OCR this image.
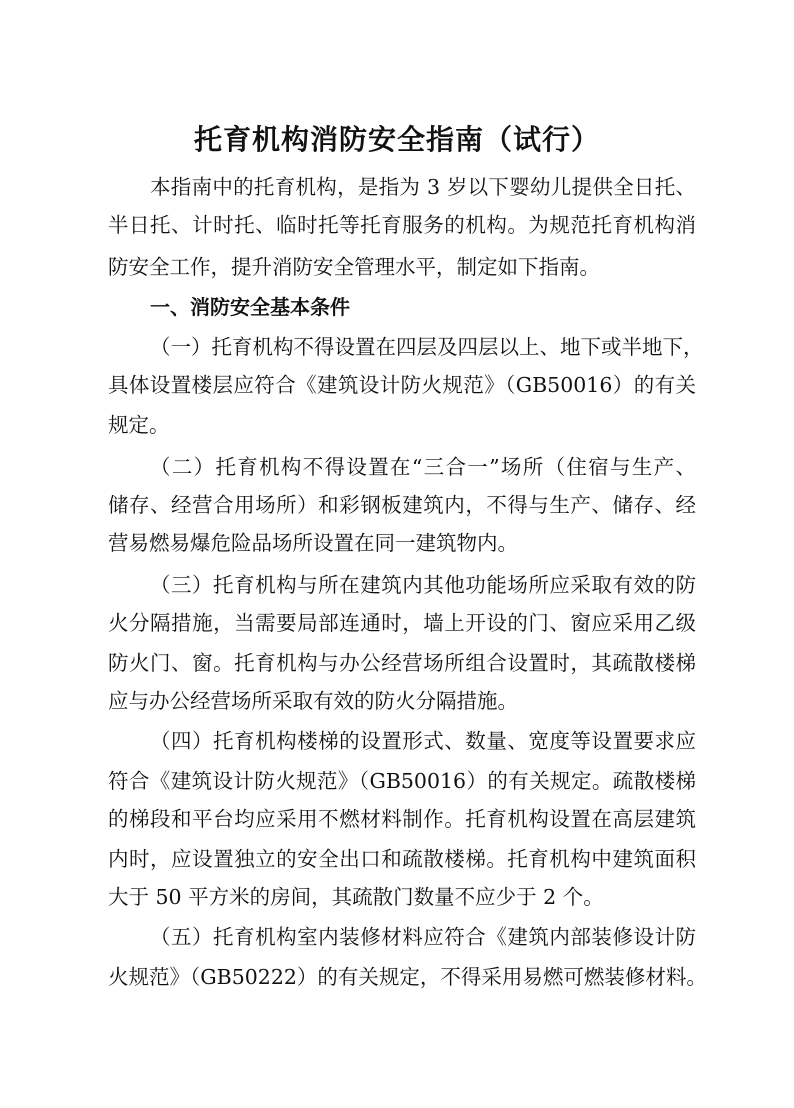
托育机构消防安全指南（试行）
本指南中的托育机构，是指为 3 岁以下婴幼儿提供全日托、
半日托、计时托、临时托等托育服务的机构。为规范托育机构消
防安全工作，提升消防安全管理水平，制定如下指南。
一、消防安全基本条件
（一）托育机构不得设置在四层及四层以上、地下或半地下，
具体设置楼层应符合《建筑设计防火规范》（GB50016）的有关
规定。
（二）托育机构不得设置在“三合一”场所（住宿与生产、
储存、经营合用场所）和彩钢板建筑内，不得与生产、储存、经
营易燃易爆危险品场所设置在同一建筑物内。
（三）托育机构与所在建筑内其他功能场所应采取有效的防
火分隔措施，当需要局部连通时，墙上开设的门、窗应采用乙级
防火门、窗。托育机构与办公经营场所组合设置时，其疏散楼梯
应与办公经营场所采取有效的防火分隔措施。
（四）托育机构楼梯的设置形式、数量、宽度等设置要求应
符合《建筑设计防火规范》（GB50016）的有关规定。疏散楼梯
的梯段和平台均应采用不燃材料制作。托育机构设置在高层建筑
内时，应设置独立的安全出口和疏散楼梯。托育机构中建筑面积
大于 50 平方米的房间，其疏散门数量不应少于 2 个。
（五）托育机构室内装修材料应符合《建筑内部装修设计防
火规范》（GB50222）的有关规定，不得采用易燃可燃装修材料。
